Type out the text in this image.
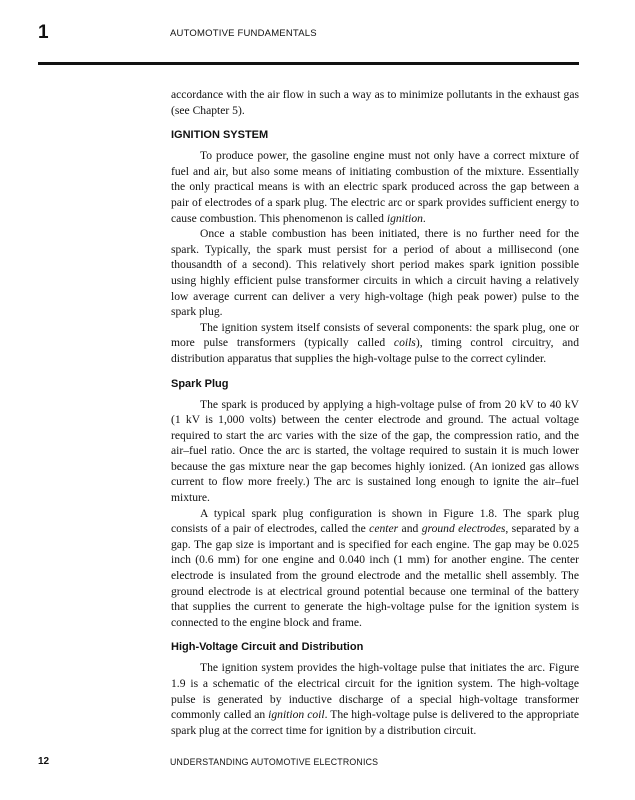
1	AUTOMOTIVE FUNDAMENTALS

accordance with the air flow in such a way as to minimize pollutants in the exhaust gas (see Chapter 5).

IGNITION SYSTEM

To produce power, the gasoline engine must not only have a correct mixture of fuel and air, but also some means of initiating combustion of the mixture. Essentially the only practical means is with an electric spark produced across the gap between a pair of electrodes of a spark plug. The electric arc or spark provides sufficient energy to cause combustion. This phenomenon is called ignition.

Once a stable combustion has been initiated, there is no further need for the spark. Typically, the spark must persist for a period of about a millisecond (one thousandth of a second). This relatively short period makes spark ignition possible using highly efficient pulse transformer circuits in which a circuit having a relatively low average current can deliver a very high-voltage (high peak power) pulse to the spark plug.

The ignition system itself consists of several components: the spark plug, one or more pulse transformers (typically called coils), timing control circuitry, and distribution apparatus that supplies the high-voltage pulse to the correct cylinder.

Spark Plug

The spark is produced by applying a high-voltage pulse of from 20 kV to 40 kV (1 kV is 1,000 volts) between the center electrode and ground. The actual voltage required to start the arc varies with the size of the gap, the compression ratio, and the air–fuel ratio. Once the arc is started, the voltage required to sustain it is much lower because the gas mixture near the gap becomes highly ionized. (An ionized gas allows current to flow more freely.) The arc is sustained long enough to ignite the air–fuel mixture.

A typical spark plug configuration is shown in Figure 1.8. The spark plug consists of a pair of electrodes, called the center and ground electrodes, separated by a gap. The gap size is important and is specified for each engine. The gap may be 0.025 inch (0.6 mm) for one engine and 0.040 inch (1 mm) for another engine. The center electrode is insulated from the ground electrode and the metallic shell assembly. The ground electrode is at electrical ground potential because one terminal of the battery that supplies the current to generate the high-voltage pulse for the ignition system is connected to the engine block and frame.

High-Voltage Circuit and Distribution

The ignition system provides the high-voltage pulse that initiates the arc. Figure 1.9 is a schematic of the electrical circuit for the ignition system. The high-voltage pulse is generated by inductive discharge of a special high-voltage transformer commonly called an ignition coil. The high-voltage pulse is delivered to the appropriate spark plug at the correct time for ignition by a distribution circuit.

12	UNDERSTANDING AUTOMOTIVE ELECTRONICS
